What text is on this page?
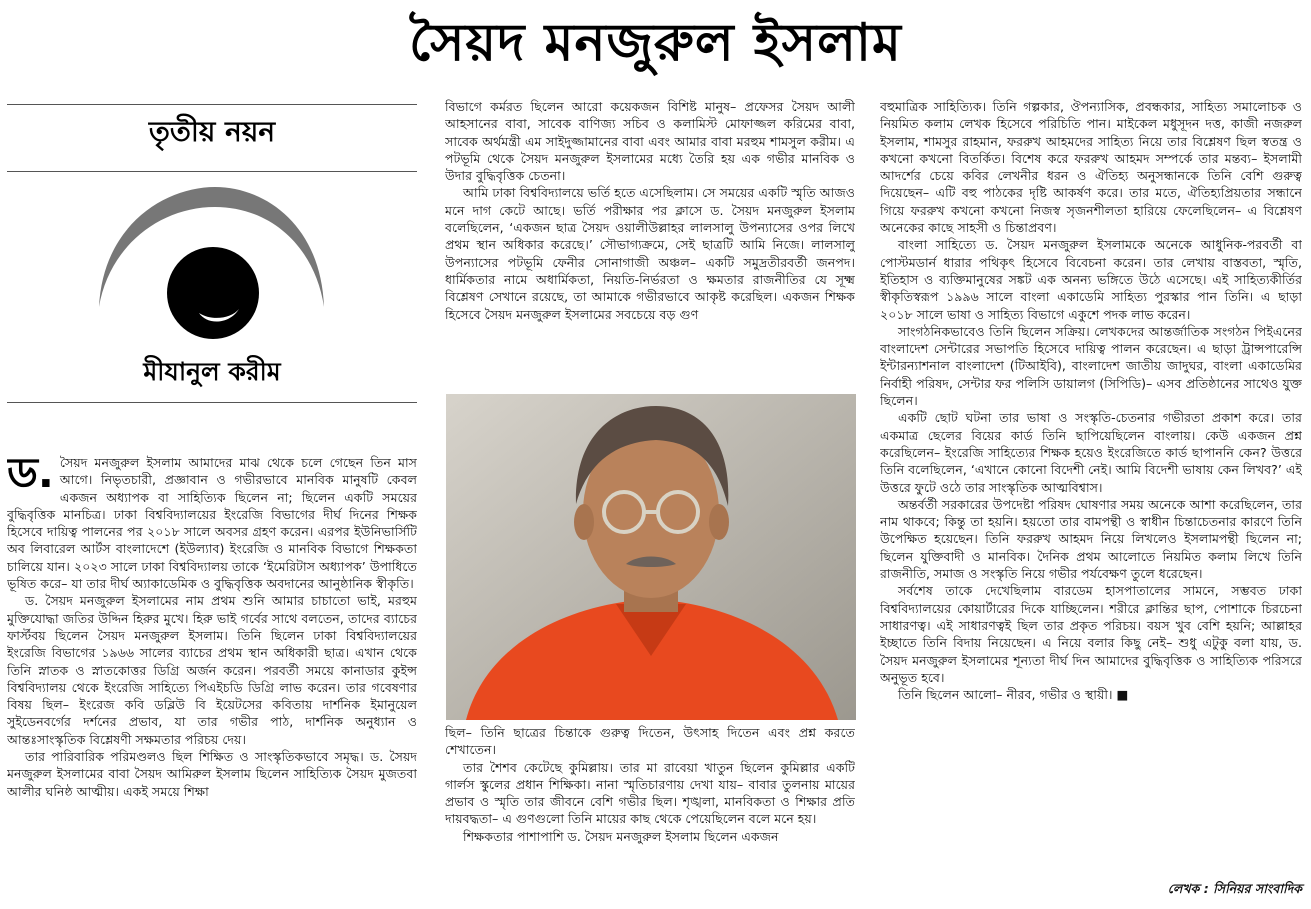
সৈয়দ মনজুরুল ইসলাম
তৃতীয় নয়ন
মীযানুল করীম

ড. সৈয়দ মনজুরুল ইসলাম আমাদের মাঝ থেকে চলে গেছেন তিন মাস আগে। নিভৃতচারী, প্রজ্ঞাবান ও গভীরভাবে মানবিক মানুষটি কেবল একজন অধ্যাপক বা সাহিত্যিক ছিলেন না; ছিলেন একটি সময়ের বুদ্ধিবৃত্তিক মানচিত্র। ঢাকা বিশ্ববিদ্যালয়ের ইংরেজি বিভাগের দীর্ঘ দিনের শিক্ষক হিসেবে দায়িত্ব পালনের পর ২০১৮ সালে অবসর গ্রহণ করেন। এরপর ইউনিভার্সিটি অব লিবারেল আর্টস বাংলাদেশে (ইউল্যাব) ইংরেজি ও মানবিক বিভাগে শিক্ষকতা চালিয়ে যান। ২০২৩ সালে ঢাকা বিশ্ববিদ্যালয় তাকে ‘ইমেরিটাস অধ্যাপক’ উপাধিতে ভূষিত করে– যা তার দীর্ঘ অ্যাকাডেমিক ও বুদ্ধিবৃত্তিক অবদানের আনুষ্ঠানিক স্বীকৃতি।

ড. সৈয়দ মনজুরুল ইসলামের নাম প্রথম শুনি আমার চাচাতো ভাই, মরহুম মুক্তিযোদ্ধা জতির উদ্দিন হিরুর মুখে। হিরু ভাই গর্বের সাথে বলতেন, তাদের ব্যাচের ফার্স্টবয় ছিলেন সৈয়দ মনজুরুল ইসলাম। তিনি ছিলেন ঢাকা বিশ্ববিদ্যালয়ের ইংরেজি বিভাগের ১৯৬৬ সালের ব্যাচের প্রথম স্থান অধিকারী ছাত্র। এখান থেকে তিনি স্নাতক ও স্নাতকোত্তর ডিগ্রি অর্জন করেন। পরবর্তী সময়ে কানাডার কুইন্স বিশ্ববিদ্যালয় থেকে ইংরেজি সাহিত্যে পিএইচডি ডিগ্রি লাভ করেন। তার গবেষণার বিষয় ছিল– ইংরেজ কবি ডব্লিউ বি ইয়েটসের কবিতায় দার্শনিক ইমানুয়েল সুইডেনবর্গের দর্শনের প্রভাব, যা তার গভীর পাঠ, দার্শনিক অনুধ্যান ও আন্তঃসাংস্কৃতিক বিশ্লেষণী সক্ষমতার পরিচয় দেয়।

তার পারিবারিক পরিমণ্ডলও ছিল শিক্ষিত ও সাংস্কৃতিকভাবে সমৃদ্ধ। ড. সৈয়দ মনজুরুল ইসলামের বাবা সৈয়দ আমিরুল ইসলাম ছিলেন সাহিত্যিক সৈয়দ মুজতবা আলীর ঘনিষ্ঠ আত্মীয়। একই সময়ে শিক্ষা

বিভাগে কর্মরত ছিলেন আরো কয়েকজন বিশিষ্ট মানুষ– প্রফেসর সৈয়দ আলী আহসানের বাবা, সাবেক বাণিজ্য সচিব ও কলামিস্ট মোফাজ্জল করিমের বাবা, সাবেক অর্থমন্ত্রী এম সাইদুজ্জামানের বাবা এবং আমার বাবা মরহুম শামসুল করীম। এ পটভূমি থেকে সৈয়দ মনজুরুল ইসলামের মধ্যে তৈরি হয় এক গভীর মানবিক ও উদার বুদ্ধিবৃত্তিক চেতনা।

আমি ঢাকা বিশ্ববিদ্যালয়ে ভর্তি হতে এসেছিলাম। সে সময়ের একটি স্মৃতি আজও মনে দাগ কেটে আছে। ভর্তি পরীক্ষার পর ক্লাসে ড. সৈয়দ মনজুরুল ইসলাম বলেছিলেন, ‘একজন ছাত্র সৈয়দ ওয়ালীউল্লাহর লালসালু উপন্যাসের ওপর লিখে প্রথম স্থান অধিকার করেছে।’ সৌভাগ্যক্রমে, সেই ছাত্রটি আমি নিজে। লালসালু উপন্যাসের পটভূমি ফেনীর সোনাগাজী অঞ্চল– একটি সমুদ্রতীরবর্তী জনপদ। ধার্মিকতার নামে অধার্মিকতা, নিয়তি-নির্ভরতা ও ক্ষমতার রাজনীতির যে সূক্ষ্ম বিশ্লেষণ সেখানে রয়েছে, তা আমাকে গভীরভাবে আকৃষ্ট করেছিল। একজন শিক্ষক হিসেবে সৈয়দ মনজুরুল ইসলামের সবচেয়ে বড় গুণ

ছিল– তিনি ছাত্রের চিন্তাকে গুরুত্ব দিতেন, উৎসাহ দিতেন এবং প্রশ্ন করতে শেখাতেন।

তার শৈশব কেটেছে কুমিল্লায়। তার মা রাবেয়া খাতুন ছিলেন কুমিল্লার একটি গার্লস স্কুলের প্রধান শিক্ষিকা। নানা স্মৃতিচারণায় দেখা যায়– বাবার তুলনায় মায়ের প্রভাব ও স্মৃতি তার জীবনে বেশি গভীর ছিল। শৃঙ্খলা, মানবিকতা ও শিক্ষার প্রতি দায়বদ্ধতা– এ গুণগুলো তিনি মায়ের কাছ থেকে পেয়েছিলেন বলে মনে হয়।

শিক্ষকতার পাশাপাশি ড. সৈয়দ মনজুরুল ইসলাম ছিলেন একজন

বহুমাত্রিক সাহিত্যিক। তিনি গল্পকার, ঔপন্যাসিক, প্রবন্ধকার, সাহিত্য সমালোচক ও নিয়মিত কলাম লেখক হিসেবে পরিচিতি পান। মাইকেল মধুসূদন দত্ত, কাজী নজরুল ইসলাম, শামসুর রাহমান, ফররুখ আহমদের সাহিত্য নিয়ে তার বিশ্লেষণ ছিল স্বতন্ত্র ও কখনো কখনো বিতর্কিত। বিশেষ করে ফররুখ আহমদ সম্পর্কে তার মন্তব্য– ইসলামী আদর্শের চেয়ে কবির লেখনীর ধরন ও ঐতিহ্য অনুসন্ধানকে তিনি বেশি গুরুত্ব দিয়েছেন– এটি বহু পাঠকের দৃষ্টি আকর্ষণ করে। তার মতে, ঐতিহ্যপ্রিয়তার সন্ধানে গিয়ে ফররুখ কখনো কখনো নিজস্ব সৃজনশীলতা হারিয়ে ফেলেছিলেন– এ বিশ্লেষণ অনেকের কাছে সাহসী ও চিন্তাপ্রবণ।

বাংলা সাহিত্যে ড. সৈয়দ মনজুরুল ইসলামকে অনেকে আধুনিক-পরবর্তী বা পোস্টমডার্ন ধারার পথিকৃৎ হিসেবে বিবেচনা করেন। তার লেখায় বাস্তবতা, স্মৃতি, ইতিহাস ও ব্যক্তিমানুষের সঙ্কট এক অনন্য ভঙ্গিতে উঠে এসেছে। এই সাহিত্যকীর্তির স্বীকৃতিস্বরূপ ১৯৯৬ সালে বাংলা একাডেমি সাহিত্য পুরস্কার পান তিনি। এ ছাড়া ২০১৮ সালে ভাষা ও সাহিত্য বিভাগে একুশে পদক লাভ করেন।

সাংগঠনিকভাবেও তিনি ছিলেন সক্রিয়। লেখকদের আন্তর্জাতিক সংগঠন পিইএনের বাংলাদেশ সেন্টারের সভাপতি হিসেবে দায়িত্ব পালন করেছেন। এ ছাড়া ট্রান্সপারেন্সি ইন্টারন্যাশনাল বাংলাদেশ (টিআইবি), বাংলাদেশ জাতীয় জাদুঘর, বাংলা একাডেমির নির্বাহী পরিষদ, সেন্টার ফর পলিসি ডায়ালগ (সিপিডি)– এসব প্রতিষ্ঠানের সাথেও যুক্ত ছিলেন।

একটি ছোট ঘটনা তার ভাষা ও সংস্কৃতি-চেতনার গভীরতা প্রকাশ করে। তার একমাত্র ছেলের বিয়ের কার্ড তিনি ছাপিয়েছিলেন বাংলায়। কেউ একজন প্রশ্ন করেছিলেন– ইংরেজি সাহিত্যের শিক্ষক হয়েও ইংরেজিতে কার্ড ছাপাননি কেন? উত্তরে তিনি বলেছিলেন, ‘এখানে কোনো বিদেশী নেই। আমি বিদেশী ভাষায় কেন লিখব?’ এই উত্তরে ফুটে ওঠে তার সাংস্কৃতিক আত্মবিশ্বাস।

অন্তর্বর্তী সরকারের উপদেষ্টা পরিষদ ঘোষণার সময় অনেকে আশা করেছিলেন, তার নাম থাকবে; কিন্তু তা হয়নি। হয়তো তার বামপন্থী ও স্বাধীন চিন্তাচেতনার কারণে তিনি উপেক্ষিত হয়েছেন। তিনি ফররুখ আহমদ নিয়ে লিখলেও ইসলামপন্থী ছিলেন না; ছিলেন যুক্তিবাদী ও মানবিক। দৈনিক প্রথম আলোতে নিয়মিত কলাম লিখে তিনি রাজনীতি, সমাজ ও সংস্কৃতি নিয়ে গভীর পর্যবেক্ষণ তুলে ধরেছেন।

সর্বশেষ তাকে দেখেছিলাম বারডেম হাসপাতালের সামনে, সম্ভবত ঢাকা বিশ্ববিদ্যালয়ের কোয়ার্টারের দিকে যাচ্ছিলেন। শরীরে ক্লান্তির ছাপ, পোশাকে চিরচেনা সাধারণত্ব। এই সাধারণত্বই ছিল তার প্রকৃত পরিচয়। বয়স খুব বেশি হয়নি; আল্লাহর ইচ্ছাতে তিনি বিদায় নিয়েছেন। এ নিয়ে বলার কিছু নেই– শুধু এটুকু বলা যায়, ড. সৈয়দ মনজুরুল ইসলামের শূন্যতা দীর্ঘ দিন আমাদের বুদ্ধিবৃত্তিক ও সাহিত্যিক পরিসরে অনুভূত হবে।

তিনি ছিলেন আলো– নীরব, গভীর ও স্থায়ী। ■

লেখক : সিনিয়র সাংবাদিক
